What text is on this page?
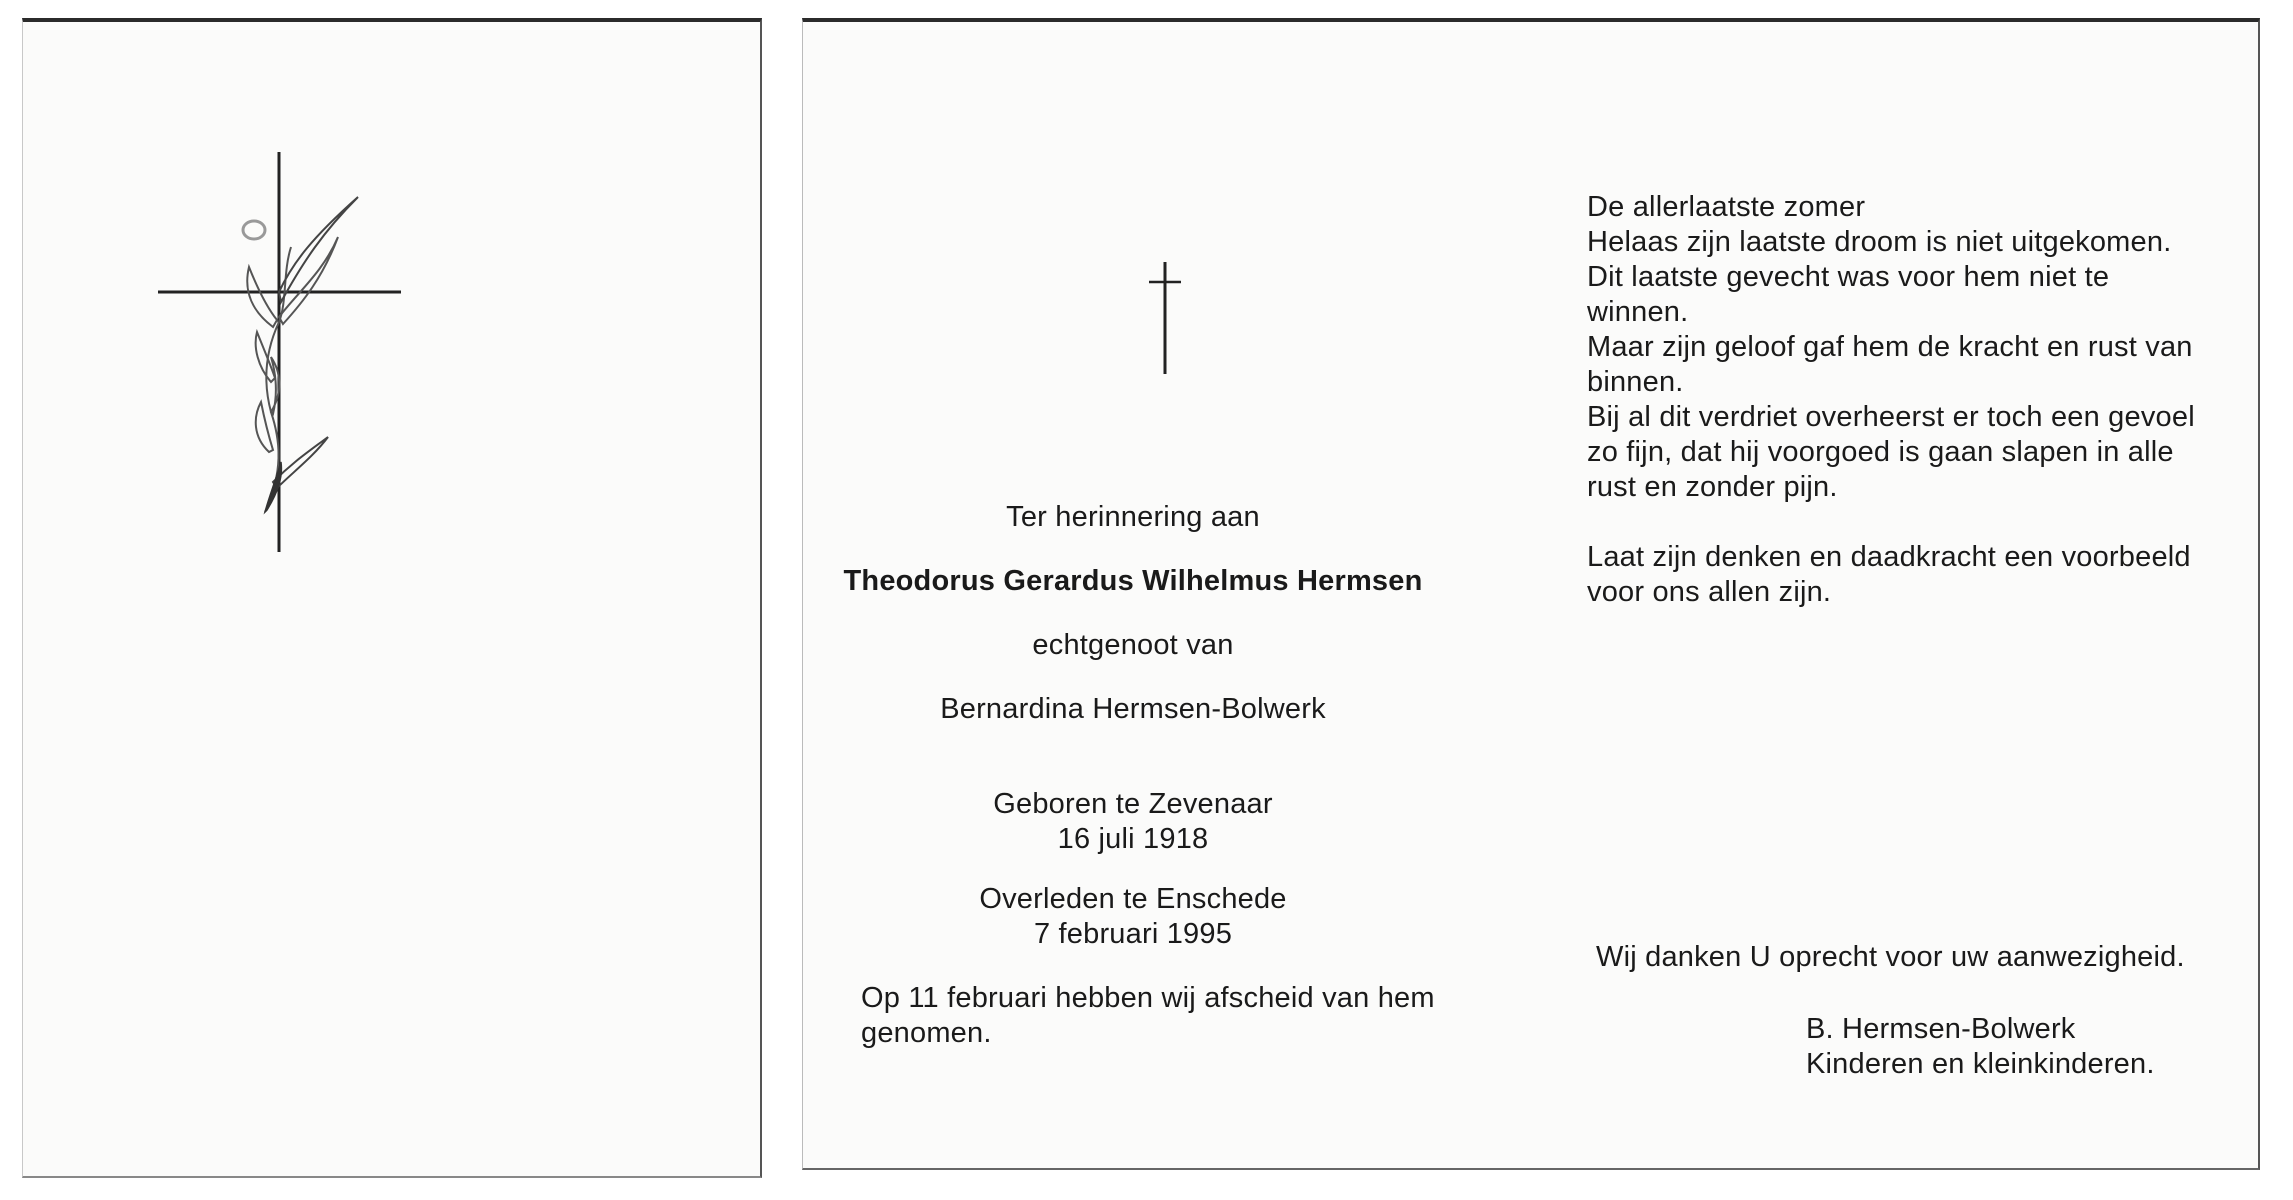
Ter herinnering aan
Theodorus Gerardus Wilhelmus Hermsen
echtgenoot van
Bernardina Hermsen-Bolwerk
Geboren te Zevenaar
16 juli 1918
Overleden te Enschede
7 februari 1995
Op 11 februari hebben wij afscheid van hem
genomen.
De allerlaatste zomer
Helaas zijn laatste droom is niet uitgekomen.
Dit laatste gevecht was voor hem niet te
winnen.
Maar zijn geloof gaf hem de kracht en rust van
binnen.
Bij al dit verdriet overheerst er toch een gevoel
zo fijn, dat hij voorgoed is gaan slapen in alle
rust en zonder pijn.
Laat zijn denken en daadkracht een voorbeeld
voor ons allen zijn.
Wij danken U oprecht voor uw aanwezigheid.
B. Hermsen-Bolwerk
Kinderen en kleinkinderen.
